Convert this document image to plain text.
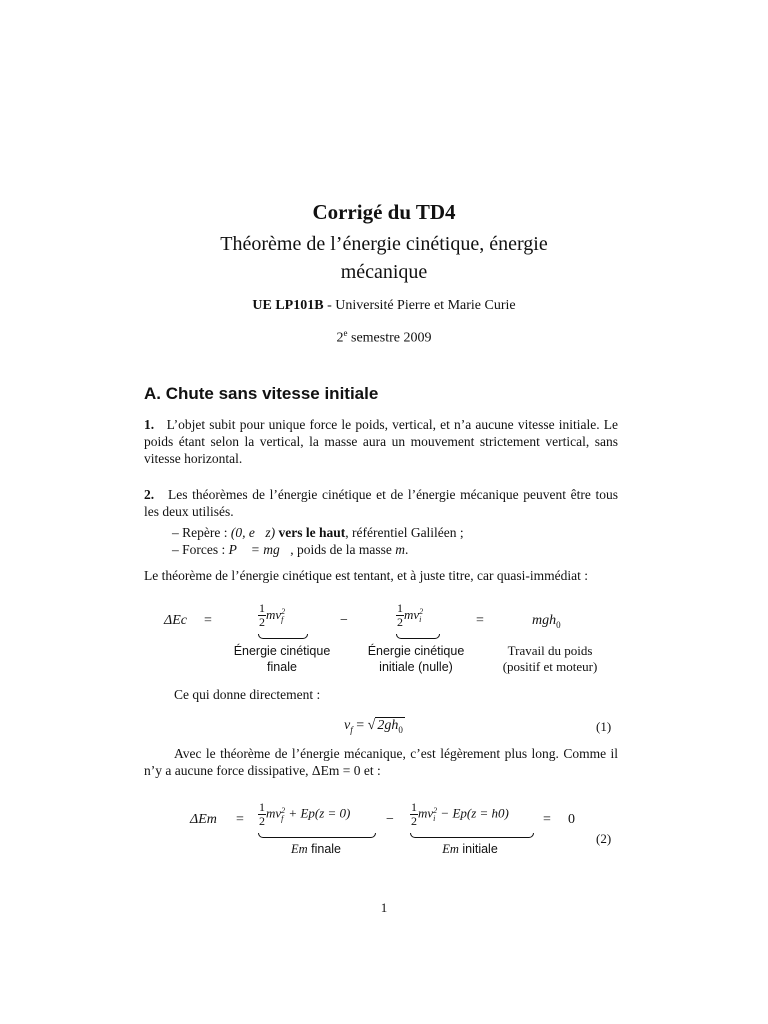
Corrigé du TD4
Théorème de l’énergie cinétique, énergie mécanique
UE LP101B - Université Pierre et Marie Curie
2e semestre 2009
A. Chute sans vitesse initiale
1. L’objet subit pour unique force le poids, vertical, et n’a aucune vitesse initiale. Le poids étant selon la vertical, la masse aura un mouvement strictement vertical, sans vitesse horizontal.
2. Les théorèmes de l’énergie cinétique et de l’énergie mécanique peuvent être tous les deux utilisés.
– Repère : (0, e⃗z) vers le haut, référentiel Galiléen ;
– Forces : P⃗ = mg⃗, poids de la masse m.
Le théorème de l’énergie cinétique est tentant, et à juste titre, car quasi-immédiat :
ΔEc =	$\frac{1}{2}$ mv 2
f	−	$\frac{1}{2}$ mv 2
i	=	mgh$_0$
Énergie cinétique
finale
Énergie cinétique
initiale (nulle)
Travail du poids
(positif et moteur)
Ce qui donne directement :
$v_f$ = √ $2gh_0$	(1)
Avec le théorème de l’énergie mécanique, c’est légèrement plus long. Comme il n’y a aucune force dissipative, ΔEm = 0 et :
$\Delta Em = \frac{1}{2}$ mv 2
f + Ep(z = 0)	− $\frac{1}{2}$ mv 2
i − Ep(z = h0) = 0
(2)
Em finale	Em initiale
1
